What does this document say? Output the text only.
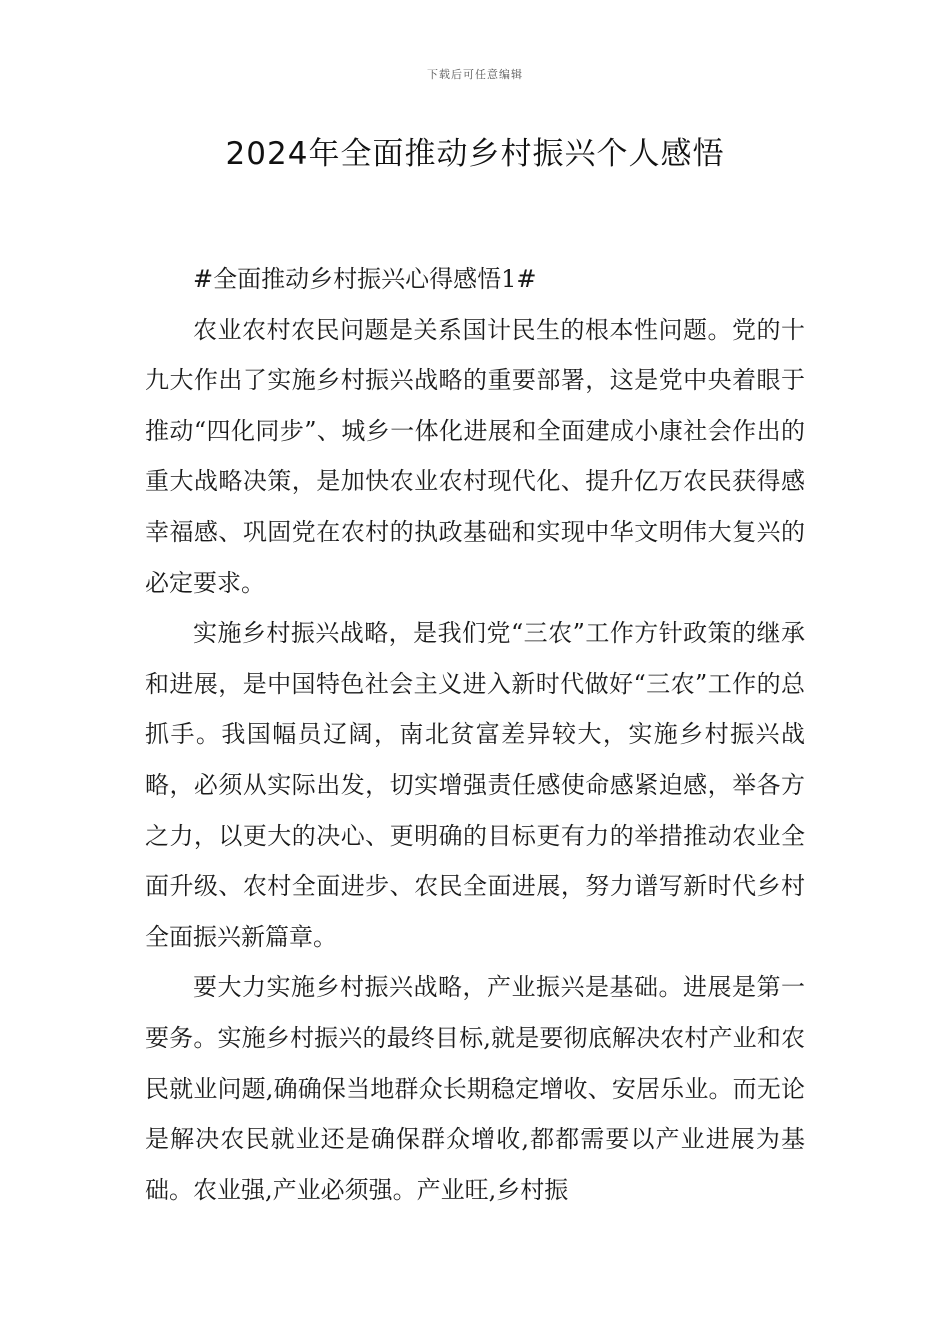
下载后可任意编辑
2024年全面推动乡村振兴个人感悟

#全面推动乡村振兴心得感悟1#

农业农村农民问题是关系国计民生的根本性问题。党的十九大作出了实施乡村振兴战略的重要部署，这是党中央着眼于推动“四化同步”、城乡一体化进展和全面建成小康社会作出的重大战略决策，是加快农业农村现代化、提升亿万农民获得感幸福感、巩固党在农村的执政基础和实现中华文明伟大复兴的必定要求。

实施乡村振兴战略，是我们党“三农”工作方针政策的继承和进展，是中国特色社会主义进入新时代做好“三农”工作的总抓手。我国幅员辽阔，南北贫富差异较大，实施乡村振兴战略，必须从实际出发，切实增强责任感使命感紧迫感，举各方之力，以更大的决心、更明确的目标更有力的举措推动农业全面升级、农村全面进步、农民全面进展，努力谱写新时代乡村全面振兴新篇章。

要大力实施乡村振兴战略，产业振兴是基础。进展是第一要务。实施乡村振兴的最终目标,就是要彻底解决农村产业和农民就业问题,确确保当地群众长期稳定增收、安居乐业。而无论是解决农民就业还是确保群众增收,都都需要以产业进展为基础。农业强,产业必须强。产业旺,乡村振
